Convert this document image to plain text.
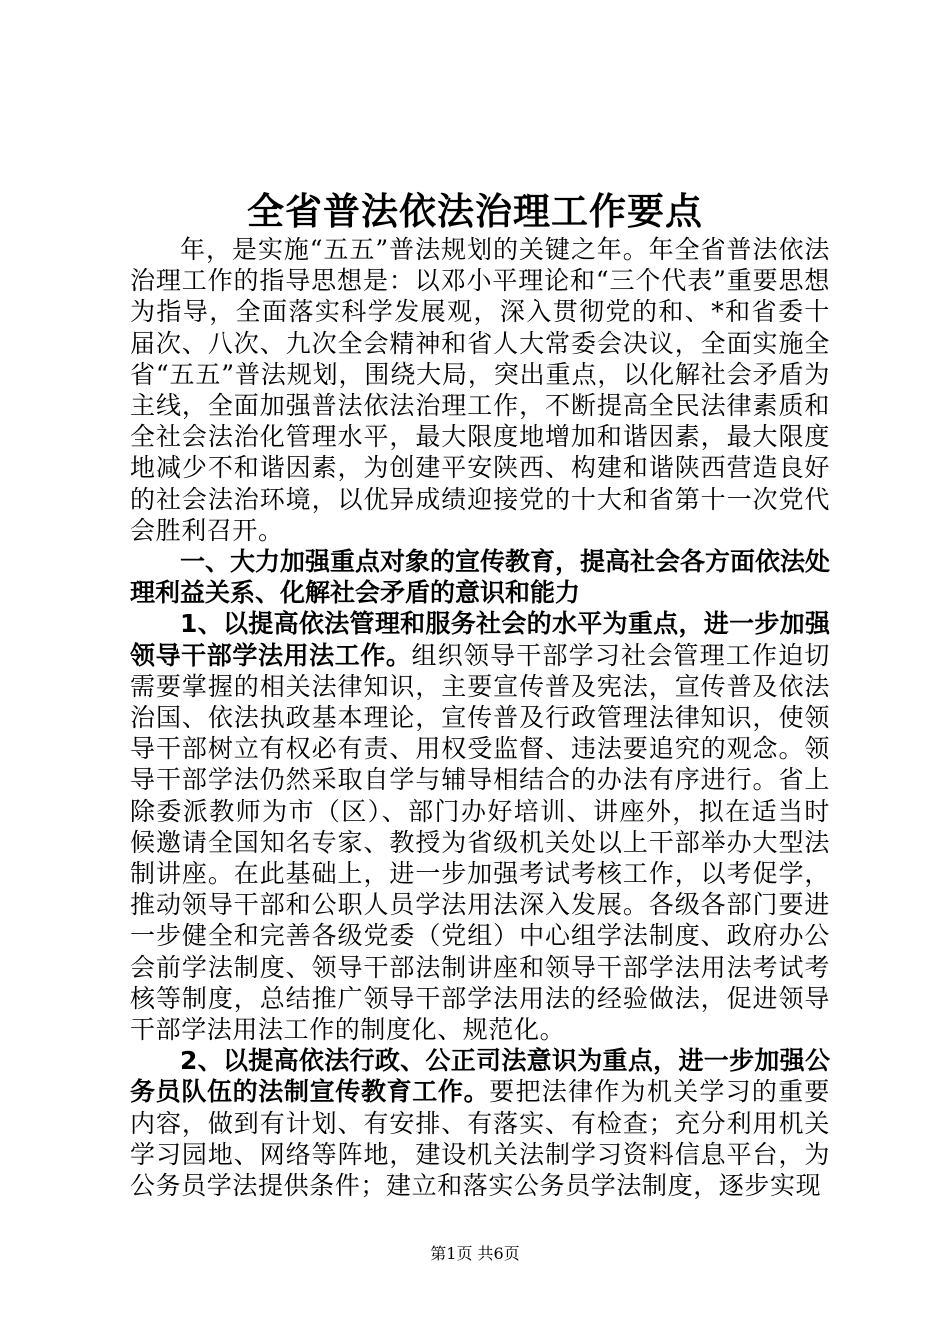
全省普法依法治理工作要点

年，是实施“五五”普法规划的关键之年。年全省普法依法治理工作的指导思想是：以邓小平理论和“三个代表”重要思想为指导，全面落实科学发展观，深入贯彻党的和、*和省委十届次、八次、九次全会精神和省人大常委会决议，全面实施全省“五五”普法规划，围绕大局，突出重点，以化解社会矛盾为主线，全面加强普法依法治理工作，不断提高全民法律素质和全社会法治化管理水平，最大限度地增加和谐因素，最大限度地减少不和谐因素，为创建平安陕西、构建和谐陕西营造良好的社会法治环境，以优异成绩迎接党的十大和省第十一次党代会胜利召开。

一、大力加强重点对象的宣传教育，提高社会各方面依法处理利益关系、化解社会矛盾的意识和能力

1、以提高依法管理和服务社会的水平为重点，进一步加强领导干部学法用法工作。组织领导干部学习社会管理工作迫切需要掌握的相关法律知识，主要宣传普及宪法，宣传普及依法治国、依法执政基本理论，宣传普及行政管理法律知识，使领导干部树立有权必有责、用权受监督、违法要追究的观念。领导干部学法仍然采取自学与辅导相结合的办法有序进行。省上除委派教师为市（区）、部门办好培训、讲座外，拟在适当时候邀请全国知名专家、教授为省级机关处以上干部举办大型法制讲座。在此基础上，进一步加强考试考核工作，以考促学，推动领导干部和公职人员学法用法深入发展。各级各部门要进一步健全和完善各级党委（党组）中心组学法制度、政府办公会前学法制度、领导干部法制讲座和领导干部学法用法考试考核等制度，总结推广领导干部学法用法的经验做法，促进领导干部学法用法工作的制度化、规范化。

2、以提高依法行政、公正司法意识为重点，进一步加强公务员队伍的法制宣传教育工作。要把法律作为机关学习的重要内容，做到有计划、有安排、有落实、有检查；充分利用机关学习园地、网络等阵地，建设机关法制学习资料信息平台，为公务员学法提供条件；建立和落实公务员学法制度，逐步实现

第1页 共6页
